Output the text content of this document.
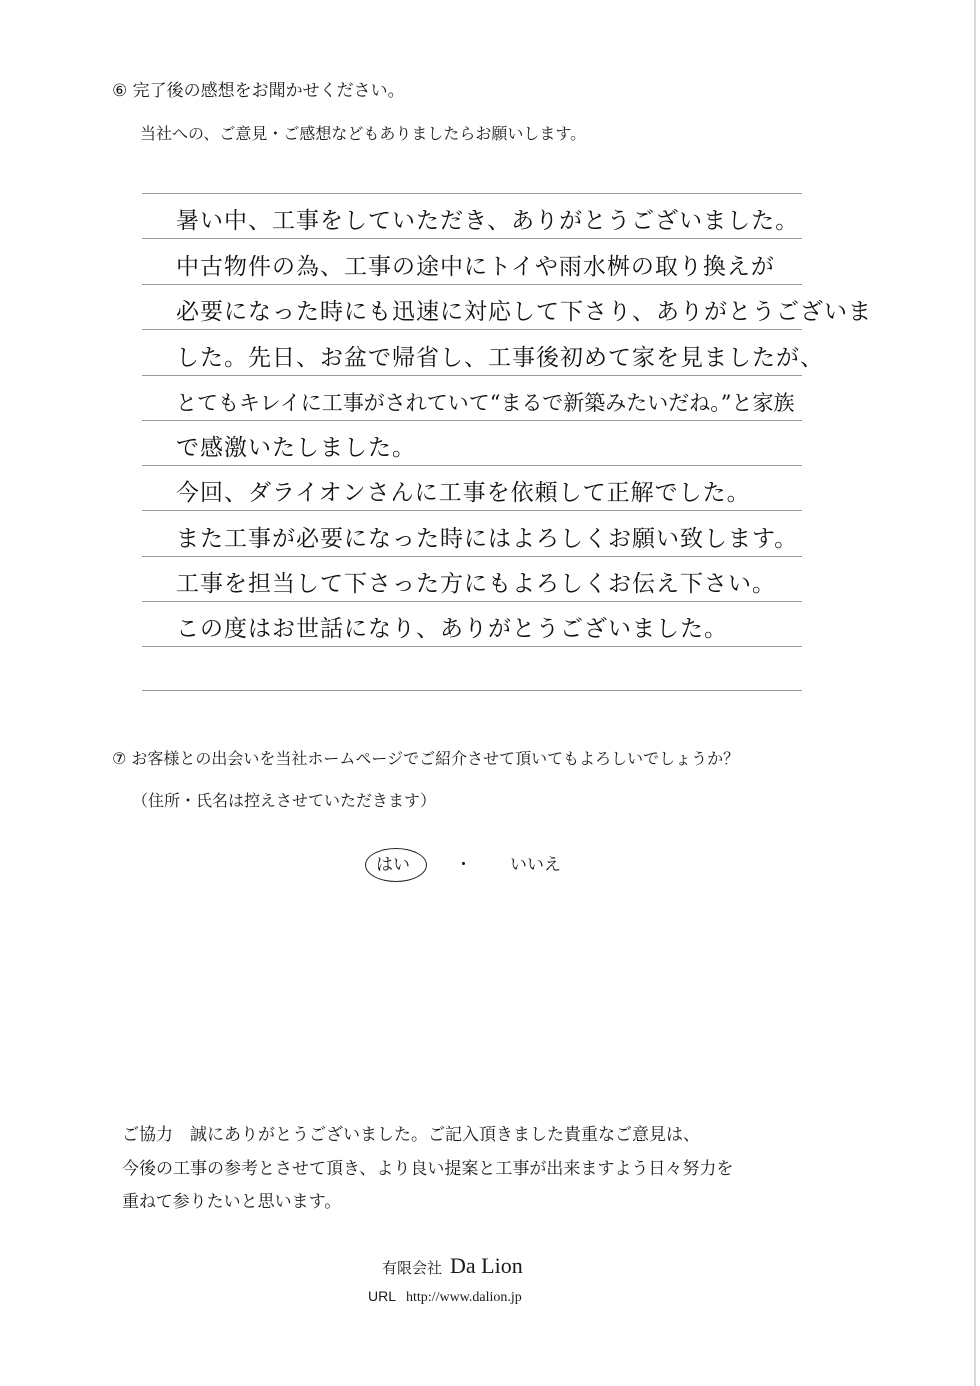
⑥ 完了後の感想をお聞かせください。
当社への、ご意見・ご感想などもありましたらお願いします。
暑い中、工事をしていただき、ありがとうございました。
中古物件の為、工事の途中にトイや雨水桝の取り換えが
必要になった時にも迅速に対応して下さり、ありがとうございま
した。先日、お盆で帰省し、工事後初めて家を見ましたが、
とてもキレイに工事がされていて“まるで新築みたいだね。”と家族
で感激いたしました。
今回、ダライオンさんに工事を依頼して正解でした。
また工事が必要になった時にはよろしくお願い致します。
工事を担当して下さった方にもよろしくお伝え下さい。
この度はお世話になり、ありがとうございました。
⑦ お客様との出会いを当社ホームページでご紹介させて頂いてもよろしいでしょうか？
（住所・氏名は控えさせていただきます）
はい	・ いいえ
ご協力　誠にありがとうございました。ご記入頂きました貴重なご意見は、
今後の工事の参考とさせて頂き、より良い提案と工事が出来ますよう日々努力を
重ねて参りたいと思います。
有限会社 Da Lion
URL http://www.dalion.jp
